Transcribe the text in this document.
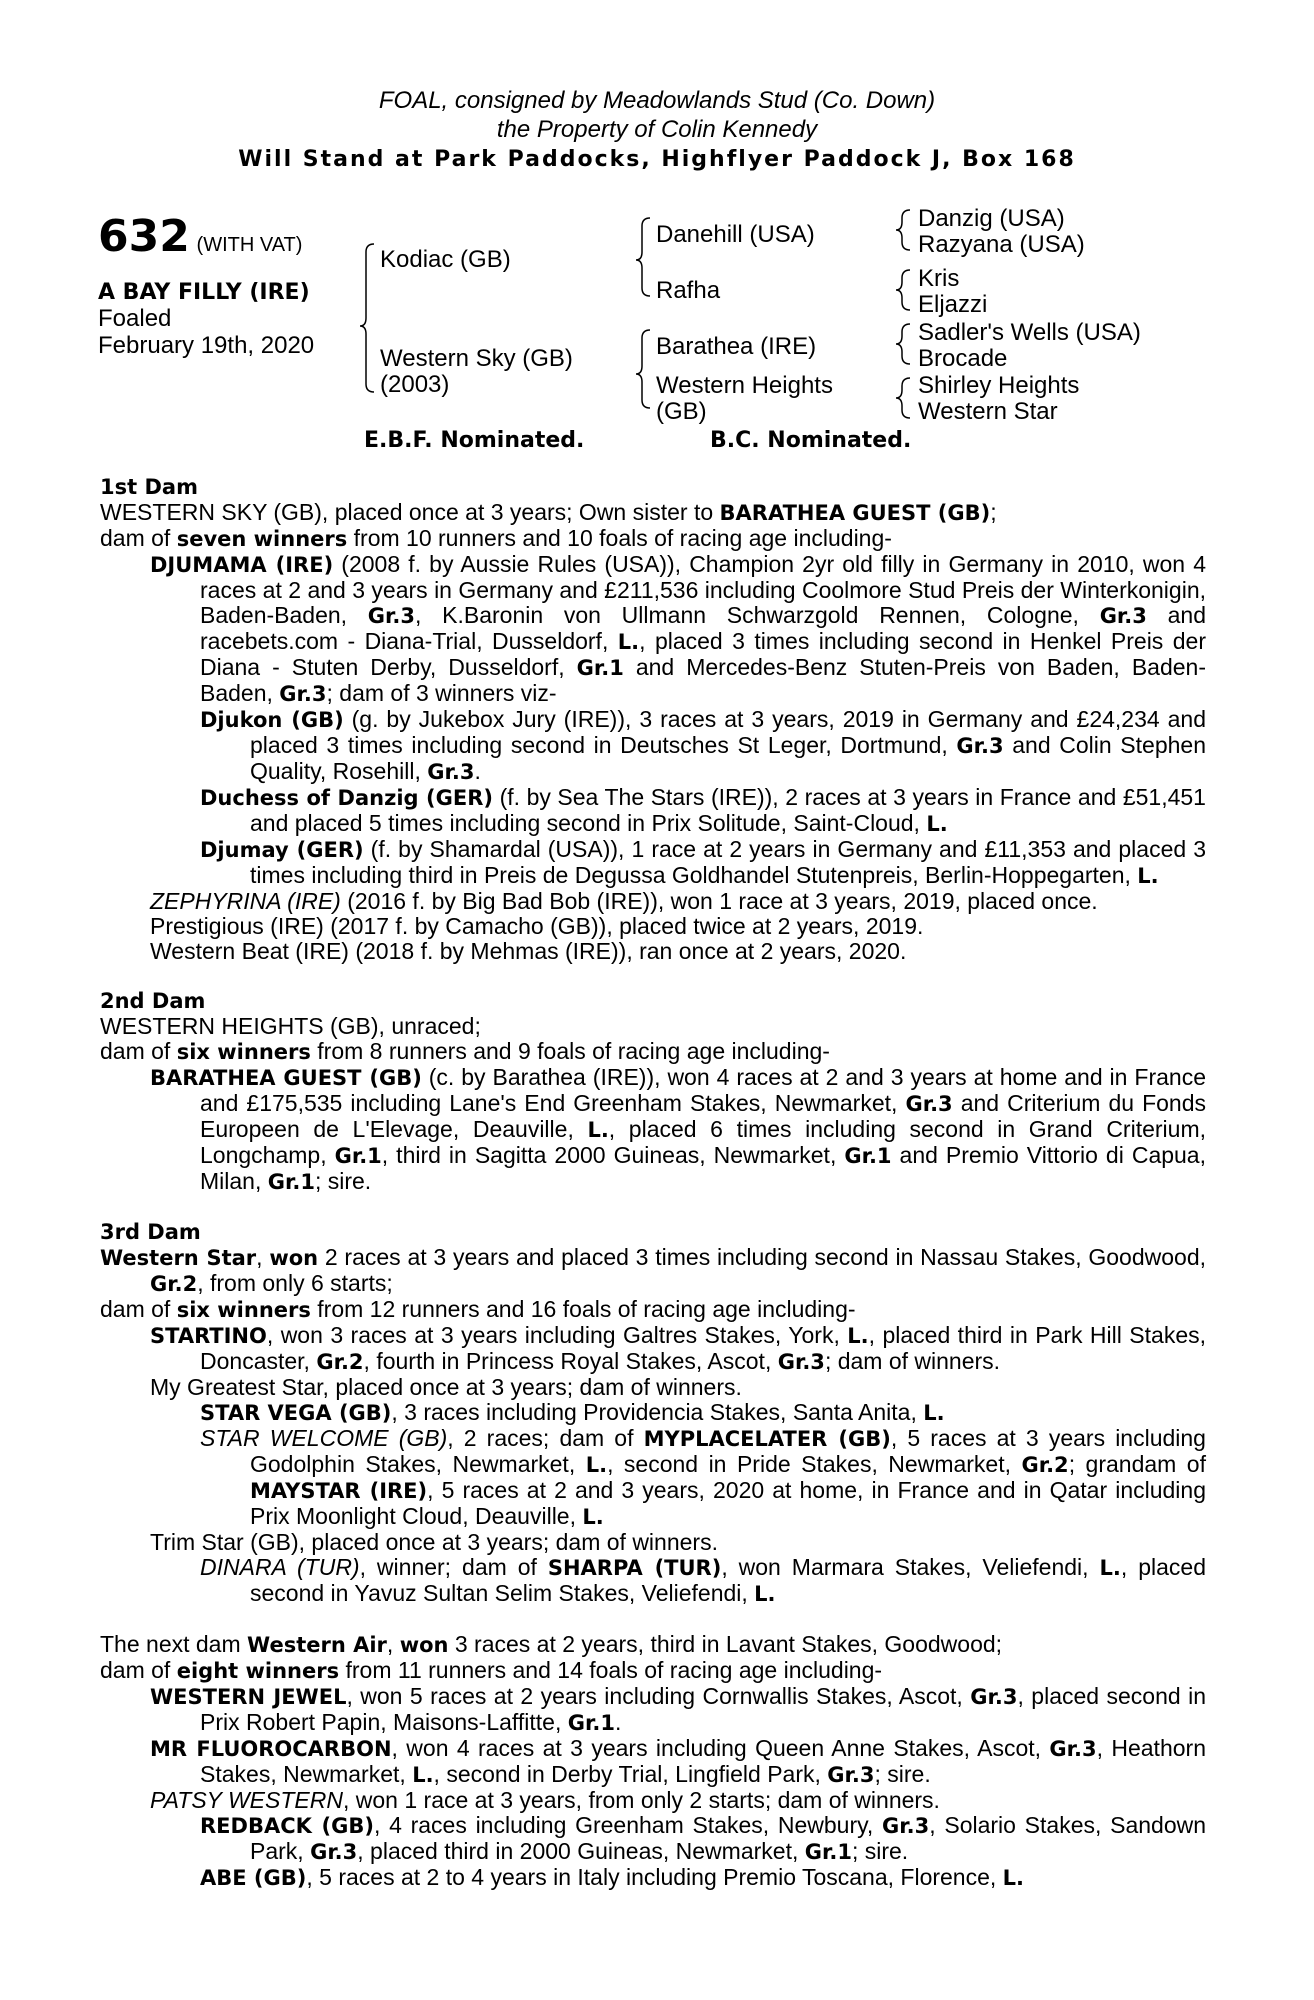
FOAL, consigned by Meadowlands Stud (Co. Down)
the Property of Colin Kennedy
Will Stand at Park Paddocks, Highflyer Paddock J, Box 168
632 (WITH VAT)
A BAY FILLY (IRE)
Foaled
February 19th, 2020
Kodiac (GB)
Western Sky (GB)
(2003)
Danehill (USA)
Rafha
Barathea (IRE)
Western Heights
(GB)
Danzig (USA)
Razyana (USA)
Kris
Eljazzi
Sadler's Wells (USA)
Brocade
Shirley Heights
Western Star
E.B.F. Nominated.	B.C. Nominated.

1st Dam

WESTERN SKY (GB), placed once at 3 years; Own sister to BARATHEA GUEST (GB);

dam of seven winners from 10 runners and 10 foals of racing age including-

DJUMAMA (IRE) (2008 f. by Aussie Rules (USA)), Champion 2yr old filly in Germany in 2010, won 4 races at 2 and 3 years in Germany and £211,536 including Coolmore Stud Preis der Winterkonigin, Baden-Baden, Gr.3, K.Baronin von Ullmann Schwarzgold Rennen, Cologne, Gr.3 and racebets.com - Diana-Trial, Dusseldorf, L., placed 3 times including second in Henkel Preis der Diana - Stuten Derby, Dusseldorf, Gr.1 and Mercedes-Benz Stuten-Preis von Baden, Baden-Baden, Gr.3; dam of 3 winners viz-

Djukon (GB) (g. by Jukebox Jury (IRE)), 3 races at 3 years, 2019 in Germany and £24,234 and placed 3 times including second in Deutsches St Leger, Dortmund, Gr.3 and Colin Stephen Quality, Rosehill, Gr.3.

Duchess of Danzig (GER) (f. by Sea The Stars (IRE)), 2 races at 3 years in France and £51,451 and placed 5 times including second in Prix Solitude, Saint-Cloud, L.

Djumay (GER) (f. by Shamardal (USA)), 1 race at 2 years in Germany and £11,353 and placed 3 times including third in Preis de Degussa Goldhandel Stutenpreis, Berlin-Hoppegarten, L.

ZEPHYRINA (IRE) (2016 f. by Big Bad Bob (IRE)), won 1 race at 3 years, 2019, placed once.

Prestigious (IRE) (2017 f. by Camacho (GB)), placed twice at 2 years, 2019.

Western Beat (IRE) (2018 f. by Mehmas (IRE)), ran once at 2 years, 2020.

2nd Dam

WESTERN HEIGHTS (GB), unraced;

dam of six winners from 8 runners and 9 foals of racing age including-

BARATHEA GUEST (GB) (c. by Barathea (IRE)), won 4 races at 2 and 3 years at home and in France and £175,535 including Lane's End Greenham Stakes, Newmarket, Gr.3 and Criterium du Fonds Europeen de L'Elevage, Deauville, L., placed 6 times including second in Grand Criterium, Longchamp, Gr.1, third in Sagitta 2000 Guineas, Newmarket, Gr.1 and Premio Vittorio di Capua, Milan, Gr.1; sire.

3rd Dam

Western Star, won 2 races at 3 years and placed 3 times including second in Nassau Stakes, Goodwood, Gr.2, from only 6 starts;

dam of six winners from 12 runners and 16 foals of racing age including-

STARTINO, won 3 races at 3 years including Galtres Stakes, York, L., placed third in Park Hill Stakes, Doncaster, Gr.2, fourth in Princess Royal Stakes, Ascot, Gr.3; dam of winners.

My Greatest Star, placed once at 3 years; dam of winners.

STAR VEGA (GB), 3 races including Providencia Stakes, Santa Anita, L.

STAR WELCOME (GB), 2 races; dam of MYPLACELATER (GB), 5 races at 3 years including Godolphin Stakes, Newmarket, L., second in Pride Stakes, Newmarket, Gr.2; grandam of MAYSTAR (IRE), 5 races at 2 and 3 years, 2020 at home, in France and in Qatar including Prix Moonlight Cloud, Deauville, L.

Trim Star (GB), placed once at 3 years; dam of winners.

DINARA (TUR), winner; dam of SHARPA (TUR), won Marmara Stakes, Veliefendi, L., placed second in Yavuz Sultan Selim Stakes, Veliefendi, L.

The next dam Western Air, won 3 races at 2 years, third in Lavant Stakes, Goodwood;

dam of eight winners from 11 runners and 14 foals of racing age including-

WESTERN JEWEL, won 5 races at 2 years including Cornwallis Stakes, Ascot, Gr.3, placed second in Prix Robert Papin, Maisons-Laffitte, Gr.1.

MR FLUOROCARBON, won 4 races at 3 years including Queen Anne Stakes, Ascot, Gr.3, Heathorn Stakes, Newmarket, L., second in Derby Trial, Lingfield Park, Gr.3; sire.

PATSY WESTERN, won 1 race at 3 years, from only 2 starts; dam of winners.

REDBACK (GB), 4 races including Greenham Stakes, Newbury, Gr.3, Solario Stakes, Sandown Park, Gr.3, placed third in 2000 Guineas, Newmarket, Gr.1; sire.

ABE (GB), 5 races at 2 to 4 years in Italy including Premio Toscana, Florence, L.
